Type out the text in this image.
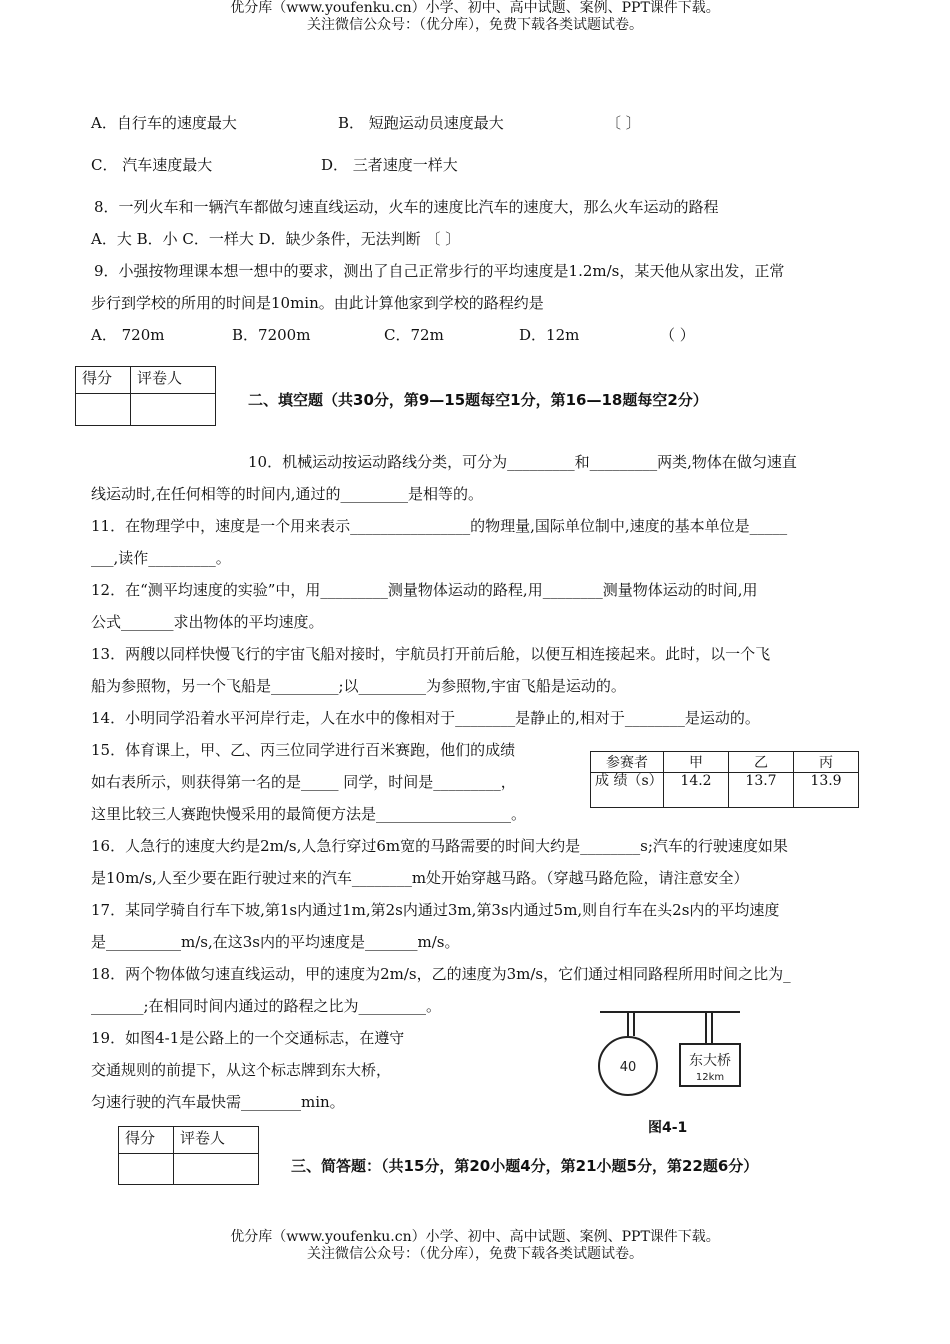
优分库（www.youfenku.cn）小学、初中、高中试题、案例、PPT课件下载。
关注微信公众号：（优分库），免费下载各类试题试卷。
A．自行车的速度最大	B． 短跑运动员速度最大	〔 〕
C． 汽车速度最大	D． 三者速度一样大
8．一列火车和一辆汽车都做匀速直线运动，火车的速度比汽车的速度大，那么火车运动的路程
A．大 B．小 C．一样大 D．缺少条件，无法判断 〔 〕
9．小强按物理课本想一想中的要求，测出了自己正常步行的平均速度是1.2m/s，某天他从家出发，正常
步行到学校的所用的时间是10min。由此计算他家到学校的路程约是
A． 720m	B．7200m	C．72m	D．12m	（ ）
得分	评卷人

二、填空题（共30分，第9—15题每空1分，第16—18题每空2分）
10．机械运动按运动路线分类，可分为_________和_________两类,物体在做匀速直
线运动时,在任何相等的时间内,通过的_________是相等的。
11．在物理学中，速度是一个用来表示________________的物理量,国际单位制中,速度的基本单位是_____
___,读作_________。
12．在“测平均速度的实验”中，用_________测量物体运动的路程,用________测量物体运动的时间,用
公式_______求出物体的平均速度。
13．两艘以同样快慢飞行的宇宙飞船对接时，宇航员打开前后舱，以便互相连接起来。此时，以一个飞
船为参照物，另一个飞船是_________;以_________为参照物,宇宙飞船是运动的。
14．小明同学沿着水平河岸行走，人在水中的像相对于________是静止的,相对于________是运动的。
15．体育课上，甲、乙、丙三位同学进行百米赛跑，他们的成绩
如右表所示，则获得第一名的是_____ 同学，时间是_________，
这里比较三人赛跑快慢采用的最简便方法是__________________。
参赛者	甲	乙	丙
成 绩（s）	14.2	13.7	13.9
16．人急行的速度大约是2m/s,人急行穿过6m宽的马路需要的时间大约是________s;汽车的行驶速度如果
是10m/s,人至少要在距行驶过来的汽车________m处开始穿越马路。（穿越马路危险，请注意安全）
17．某同学骑自行车下坡,第1s内通过1m,第2s内通过3m,第3s内通过5m,则自行车在头2s内的平均速度
是__________m/s,在这3s内的平均速度是_______m/s。
18．两个物体做匀速直线运动，甲的速度为2m/s，乙的速度为3m/s，它们通过相同路程所用时间之比为_
_______;在相同时间内通过的路程之比为_________。
19．如图4-1是公路上的一个交通标志，在遵守
交通规则的前提下，从这个标志牌到东大桥，
匀速行驶的汽车最快需________min。
40	东大桥
12km
图4-1
得分	评卷人

三、简答题：（共15分，第20小题4分，第21小题5分，第22题6分）
优分库（www.youfenku.cn）小学、初中、高中试题、案例、PPT课件下载。
关注微信公众号：（优分库），免费下载各类试题试卷。
